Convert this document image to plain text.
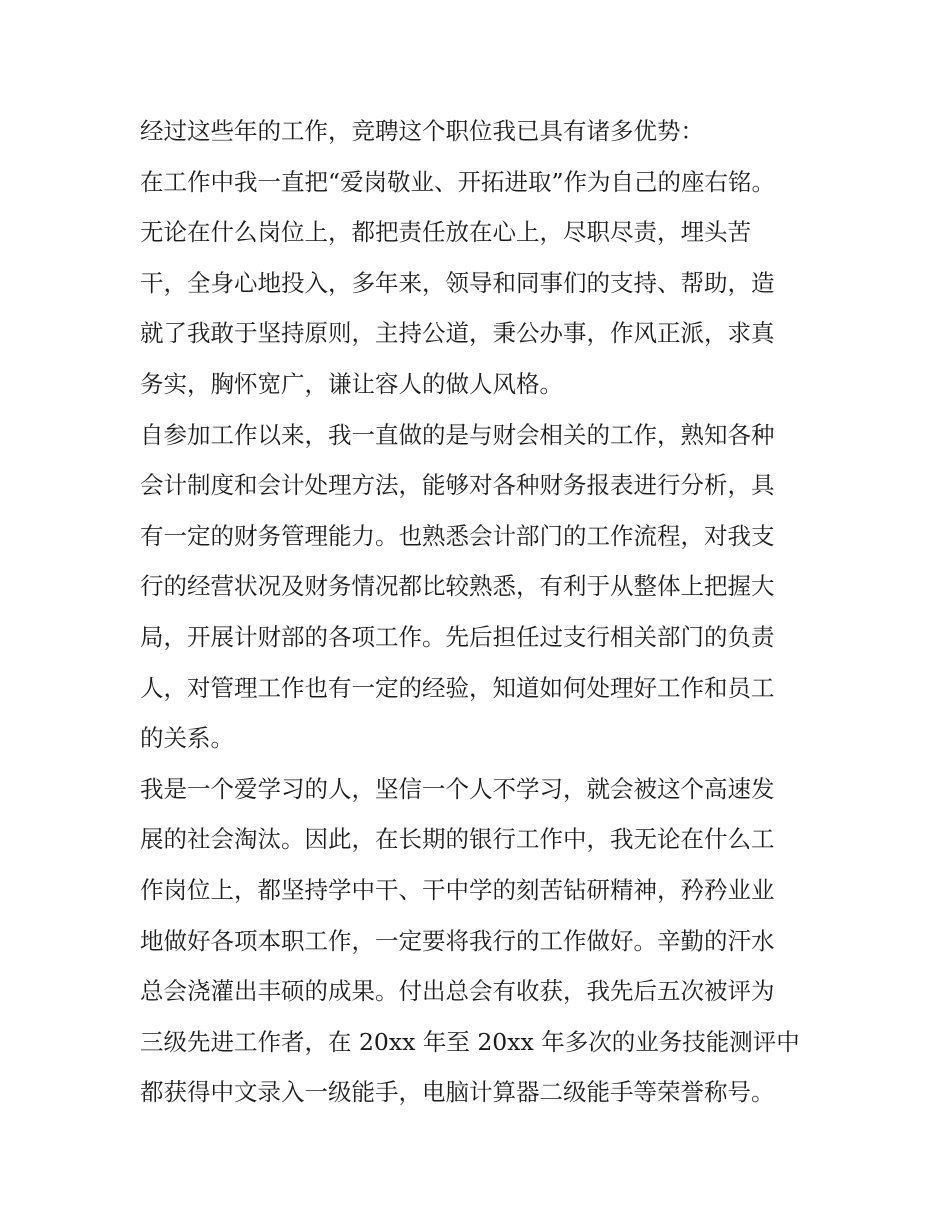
经过这些年的工作，竞聘这个职位我已具有诸多优势：
在工作中我一直把“爱岗敬业、开拓进取”作为自己的座右铭。
无论在什么岗位上，都把责任放在心上，尽职尽责，埋头苦
干，全身心地投入，多年来，领导和同事们的支持、帮助，造
就了我敢于坚持原则，主持公道，秉公办事，作风正派，求真
务实，胸怀宽广，谦让容人的做人风格。
自参加工作以来，我一直做的是与财会相关的工作，熟知各种
会计制度和会计处理方法，能够对各种财务报表进行分析，具
有一定的财务管理能力。也熟悉会计部门的工作流程，对我支
行的经营状况及财务情况都比较熟悉，有利于从整体上把握大
局，开展计财部的各项工作。先后担任过支行相关部门的负责
人，对管理工作也有一定的经验，知道如何处理好工作和员工
的关系。
我是一个爱学习的人，坚信一个人不学习，就会被这个高速发
展的社会淘汰。因此，在长期的银行工作中，我无论在什么工
作岗位上，都坚持学中干、干中学的刻苦钻研精神，矜矜业业
地做好各项本职工作，一定要将我行的工作做好。辛勤的汗水
总会浇灌出丰硕的成果。付出总会有收获，我先后五次被评为
三级先进工作者，在 20xx 年至 20xx 年多次的业务技能测评中
都获得中文录入一级能手，电脑计算器二级能手等荣誉称号。
